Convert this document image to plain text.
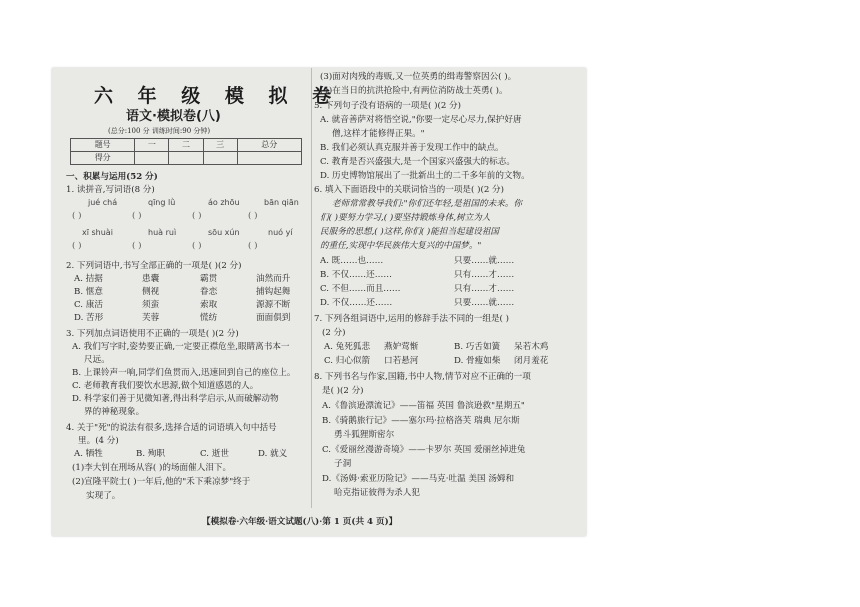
六 年 级 模 拟 卷
语文·模拟卷(八)
(总分:100 分 训练时间:90 分钟)
题号	一	二	三	总分
得分				
一、积累与运用(52 分)
1. 读拼音,写词语(8 分)
jué chá	qīng lǜ	áo zhōu	bān qiān
( )	( )	( )	( )
xī shuài	huà ruì	sōu xún	nuó yí
( )	( )	( )	( )
2. 下列词语中,书写全部正确的一项是( )(2 分)
A. 拮据	患囊	霸贯	油然而升
B. 惬意	侧视	眷恋	捕钩起舞
C. 康活	须蛮	索取	源源不断
D. 苦形	芙蓉	慌纺	面面俱到
3. 下列加点词语使用不正确的一项是( )(2 分)
A. 我们写字时,姿势要正确,一定要正襟危坐,眼睛离书本一
尺远。
B. 上课铃声一响,同学们鱼贯而入,迅速回到自己的座位上。
C. 老师教育我们要饮水思源,做个知道感恩的人。
D. 科学家们善于见微知著,得出科学启示,从而破解动物
界的神秘现象。
4. 关于"死"的说法有很多,选择合适的词语填入句中括号
里。(4 分)
A. 牺牲	B. 殉职	C. 逝世	D. 就义
(1)李大钊在刑场从容( )的场面催人泪下。
(2)宣隆平院士( )一年后,他的"禾下乘凉梦"终于
实现了。
(3)面对肉残的毒贩,又一位英勇的缉毒警察因公( )。
(4)在当日的抗洪抢险中,有两位消防战士英勇( )。
5. 下列句子没有语病的一项是( )(2 分)
A. 就音善萨对将悟空说,"你要一定尽心尽力,保护好唐
僧,这样才能修得正果。"
B. 我们必须认真克服并善于发现工作中的缺点。
C. 教育是否兴盛强大,是一个国家兴盛强大的标志。
D. 历史博物馆展出了一批新出土的二千多年前的文物。
6. 填入下面语段中的关联词恰当的一项是( )(2 分)
老师常常教导我们:"你们还年轻,是祖国的未来。你
们( )要努力学习,( )要坚持锻炼身体,树立为人
民服务的思想,( )这样,你们( )能担当起建设祖国
的重任,实现中华民族伟大复兴的中国梦。"
A. 既……也……	只要……就……
B. 不仅……还……	只有……才……
C. 不但……而且……	只有……才……
D. 不仅……还……	只要……就……
7. 下列各组词语中,运用的修辞手法不同的一组是( )
(2 分)
A. 兔死狐悲 燕妒莺惭	B. 巧舌如簧 呆若木鸡
C. 归心似箭 口若悬河	D. 骨瘦如柴 闭月羞花
8. 下列书名与作家,国籍,书中人物,情节对应不正确的一项
是( )(2 分)
A.《鲁滨逊漂流记》——笛福 英国 鲁滨逊救"星期五"
B.《骑鹅旅行记》——塞尔玛·拉格洛芙 瑞典 尼尔斯
勇斗狐狸斯密尔
C.《爱丽丝漫游奇境》——卡罗尔 英国 爱丽丝掉进兔
子洞
D.《汤姆·索亚历险记》——马克·吐温 美国 汤姆和
哈克指证彼得为杀人犯
【模拟卷·六年级·语文试题(八)·第 1 页(共 4 页)】
